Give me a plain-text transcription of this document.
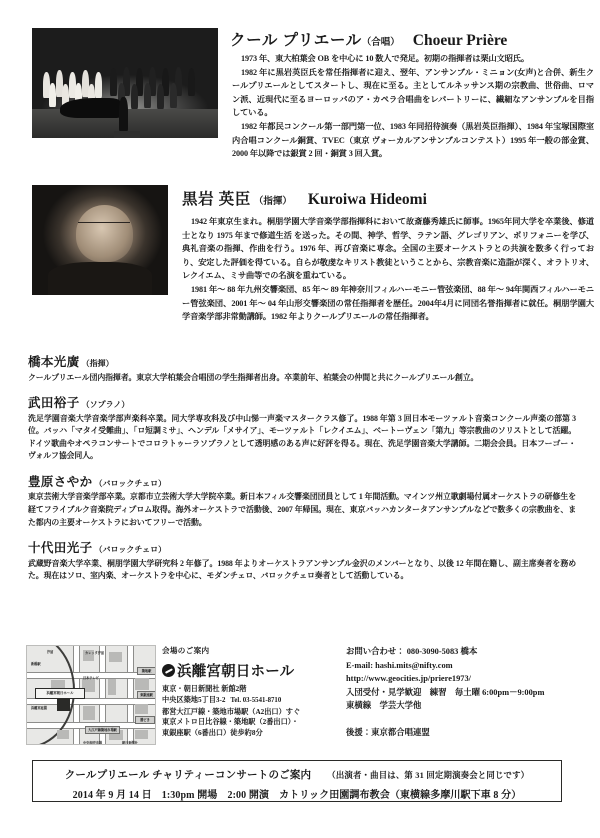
クール プリエール（合唱） Choeur Prière

1973 年、東大柏葉会 OB を中心に 10 数人で発足。初期の指揮者は栗山文昭氏。

1982 年に黒岩英臣氏を常任指揮者に迎え、翌年、アンサンブル・ミニョン(女声)と合併、新生クールプリエールとしてスタートし、現在に至る。主としてルネッサンス期の宗教曲、世俗曲、ロマン派、近現代に至るヨーロッパのア・カペラ合唱曲をレパートリーに、繊細なアンサンブルを目指している。

1982 年都民コンクール第一部門第一位、1983 年同招待演奏（黒岩英臣指揮）、1984 年宝塚国際室内合唱コンクール銅賞、TVEC（東京 ヴォーカルアンサンブルコンテスト）1995 年一般の部金賞、2000 年以降では銀賞 2 回・銅賞 3 回入賞。

黒岩 英臣 （指揮） Kuroiwa Hideomi

1942 年東京生まれ。桐朋学園大学音楽学部指揮科において故斎藤秀雄氏に師事。1965年同大学を卒業後、修道士となり 1975 年まで修道生活 を送った。その間、神学、哲学、ラテン語、グレゴリアン、ポリフォニーを学び、典礼音楽の指揮、作曲を行う。1976 年、再び音楽に専念。全国の主要オーケストラとの共演を数多く行っており、安定した評価を得ている。自らが敬虔なキリスト教徒ということから、宗教音楽に造詣が深く、オラトリオ、レクイエム、ミサ曲等での名演を重ねている。

1981 年～ 88 年九州交響楽団、85 年～ 89 年神奈川フィルハーモニー管弦楽団、88 年～ 94年関西フィルハーモニー管弦楽団、2001 年～ 04 年山形交響楽団の常任指揮者を歴任。2004年4月に同団名誉指揮者に就任。桐朋学園大学音楽学部非常勤講師。1982 年よりクールプリエールの常任指揮者。

橋本光廣 （指揮）
クールプリエール団内指揮者。東京大学柏葉会合唱団の学生指揮者出身。卒業前年、柏葉会の仲間と共にクールプリエール創立。
武田裕子 （ソプラノ）
洗足学園音楽大学音楽学部声楽科卒業。同大学専攻科及び中山悌一声楽マスタークラス修了。1988 年第 3 回日本モーツァルト音楽コンクール声楽の部第 3 位。バッハ「マタイ受難曲」、「ロ短調ミサ」、ヘンデル「メサイア」、モーツァルト「レクイエム」、ベートーヴェン「第九」等宗教曲のソリストとして活躍。ドイツ歌曲やオペラコンサートでコロラトゥーラソプラノとして透明感のある声に好評を得る。現在、洗足学園音楽大学講師。二期会会員。日本フーゴー・ヴォルフ協会同人。
豊原さやか （バロックチェロ）
東京芸術大学音楽学部卒業。京都市立芸術大学大学院卒業。新日本フィル交響楽団団員として 1 年間活動。マインツ州立歌劇場付属オーケストラの研修生を経てフライブルク音楽院ディプロム取得。海外オーケストラで活動後、2007 年帰国。現在、東京バッハカンタータアンサンブルなどで数多くの宗教曲を、また都内の主要オーケストラにおいてフリーで活動。
十代田光子 （バロックチェロ）
武蔵野音楽大学卒業、桐朋学園大学研究科 2 年修了。1988 年よりオーケストラアンサンブル金沢のメンバーとなり、以後 12 年間在籍し、副主席奏者を務めた。現在はソロ、室内楽、オーケストラを中心に、モダンチェロ、バロックチェロ奏者として活動している。
浜離宮朝日ホール
日本テレビ
中央卸売市場	朝日新聞社
新橋駅
浜離宮庭園
カレッタ汐留
汐留
築地駅
東銀座駅
大江戸線築地市場駅
勝どき
会場のご案内
浜離宮朝日ホール
東京・朝日新聞社 新館2階
中央区築地5丁目3-2 Tel. 03-5541-8710
都営大江戸線・築地市場駅（A2出口）すぐ
東京メトロ日比谷線・築地駅（2番出口）・
東銀座駅（6番出口）徒歩約8分
お問い合わせ： 080-3090-5083 橋本
E-mail: hashi.mits@nifty.com
http://www.geocities.jp/priere1973/
入団受付・見学歓迎　練習　毎土曜 6:00pm－9:00pm
東横線　学芸大学他
後援：東京都合唱連盟
クールプリエール チャリティーコンサートのご案内 （出演者・曲目は、第 31 回定期演奏会と同じです）
2014 年 9 月 14 日　1:30pm 開場　2:00 開演　カトリック田園調布教会（東横線多摩川駅下車 8 分）
